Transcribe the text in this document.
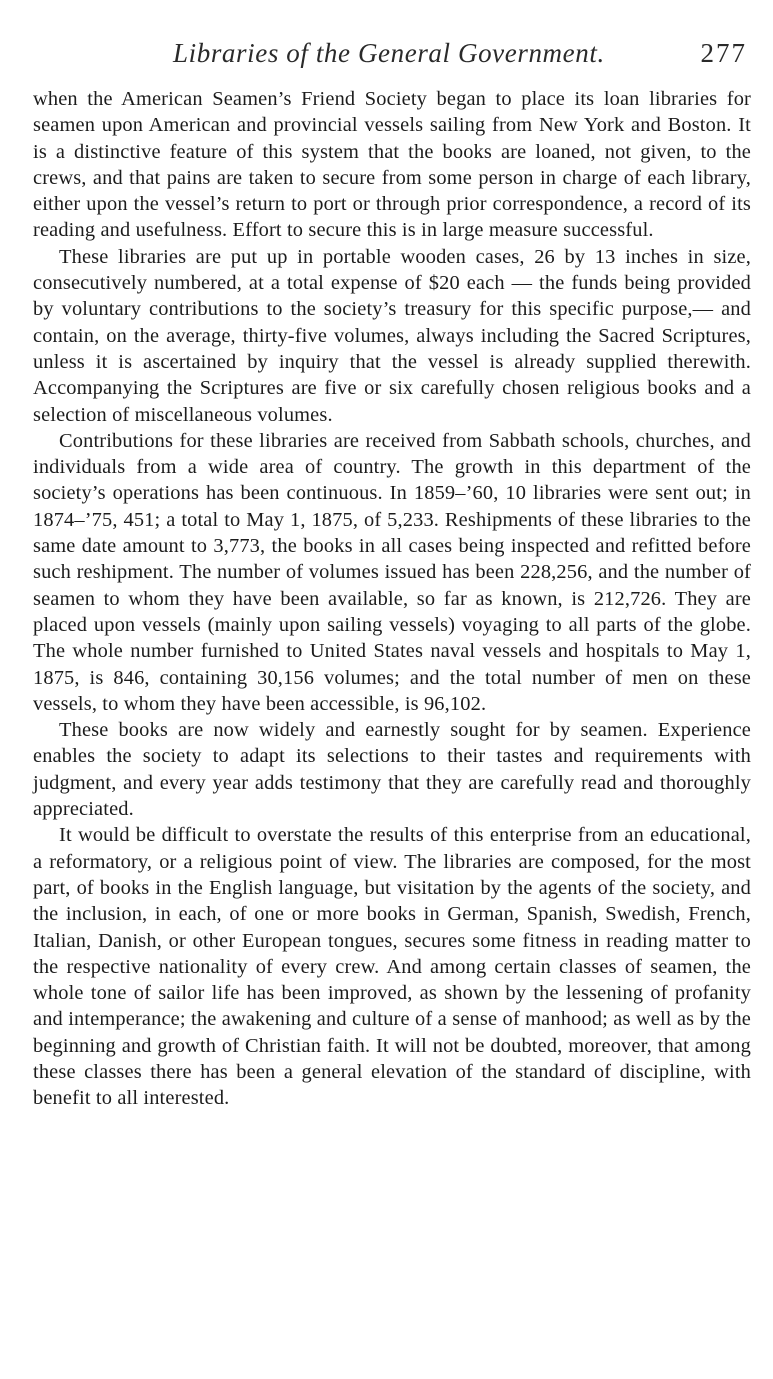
Libraries of the General Government.	277

when the American Seamen’s Friend Society began to place its loan libraries for seamen upon American and provincial vessels sailing from New York and Boston. It is a distinctive feature of this system that the books are loaned, not given, to the crews, and that pains are taken to secure from some person in charge of each library, either upon the vessel’s return to port or through prior correspondence, a record of its reading and usefulness. Effort to secure this is in large measure successful.

These libraries are put up in portable wooden cases, 26 by 13 inches in size, consecutively numbered, at a total expense of $20 each — the funds being provided by voluntary contributions to the society’s treasury for this specific purpose,— and contain, on the average, thirty-five volumes, always including the Sacred Scriptures, unless it is ascertained by inquiry that the vessel is already supplied therewith. Accompanying the Scriptures are five or six carefully chosen religious books and a selection of miscellaneous volumes.

Contributions for these libraries are received from Sabbath schools, churches, and individuals from a wide area of country. The growth in this department of the society’s operations has been continuous. In 1859–’60, 10 libraries were sent out; in 1874–’75, 451; a total to May 1, 1875, of 5,233. Reshipments of these libraries to the same date amount to 3,773, the books in all cases being inspected and refitted before such reshipment. The number of volumes issued has been 228,256, and the number of seamen to whom they have been available, so far as known, is 212,726. They are placed upon vessels (mainly upon sailing vessels) voyaging to all parts of the globe. The whole number furnished to United States naval vessels and hospitals to May 1, 1875, is 846, containing 30,156 volumes; and the total number of men on these vessels, to whom they have been accessible, is 96,102.

These books are now widely and earnestly sought for by seamen. Experience enables the society to adapt its selections to their tastes and requirements with judgment, and every year adds testimony that they are carefully read and thoroughly appreciated.

It would be difficult to overstate the results of this enterprise from an educational, a reformatory, or a religious point of view. The libraries are composed, for the most part, of books in the English language, but visitation by the agents of the society, and the inclusion, in each, of one or more books in German, Spanish, Swedish, French, Italian, Danish, or other European tongues, secures some fitness in reading matter to the respective nationality of every crew. And among certain classes of seamen, the whole tone of sailor life has been improved, as shown by the lessening of profanity and intemperance; the awakening and culture of a sense of manhood; as well as by the beginning and growth of Christian faith. It will not be doubted, moreover, that among these classes there has been a general elevation of the standard of discipline, with benefit to all interested.
